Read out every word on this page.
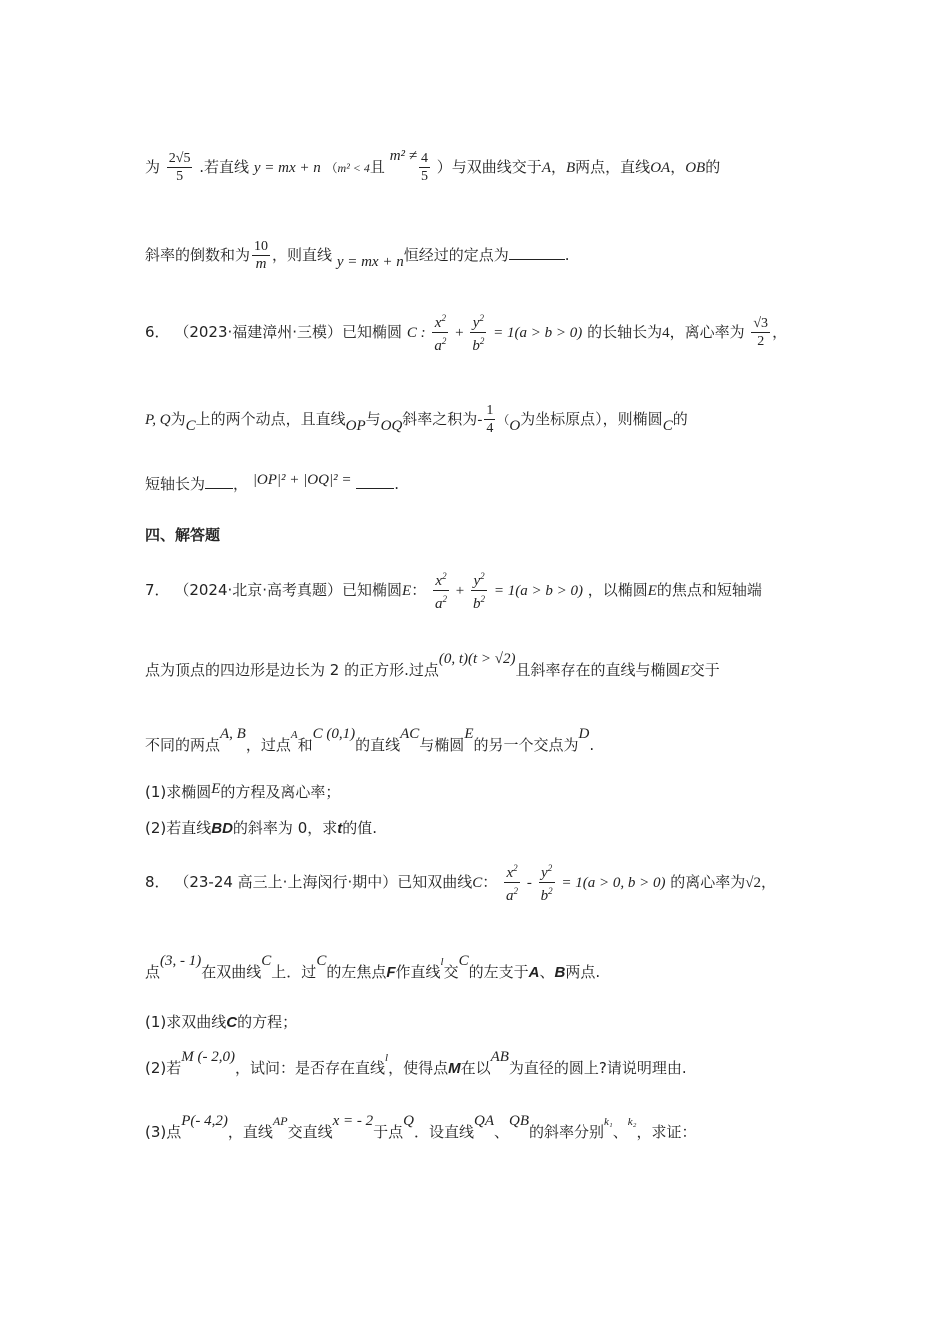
为 $\frac{2√5}{5}$ .若直线 y = mx + n （m² < 4且 $m^2 \ne \frac{4}{5}$ ）与双曲线交于A，B两点，直线OA，OB的
斜率的倒数和为 $\frac{10}{m}$ ，则直线 y = mx + n恒经过的定点为	.
6． （2023·福建漳州·三模）已知椭圆 C : $\frac{x^2}{a^2} + \frac{y^2}{b^2} = 1(a > b > 0)$ 的长轴长为4，离心率为 $\frac{√3}{2}$ ，
P, Q为C上的两个动点，且直线OP与OQ斜率之积为- $\frac{1}{4} (O$为坐标原点），则椭圆C的
短轴长为 ， |OP|² + |OQ|² =	.
四、解答题
7． （2024·北京·高考真题）已知椭圆E： $\frac{x^2}{a^2} + \frac{y^2}{b^2} = 1(a > b > 0)$ ，以椭圆E的焦点和短轴端
点为顶点的四边形是边长为 2 的正方形.过点(0, t)(t > √2)且斜率存在的直线与椭圆E交于
不同的两点A, B，过点$^A$和C (0,1)的直线AC与椭圆E的另一个交点为D.
(1)求椭圆E的方程及离心率；
(2)若直线BD的斜率为 0，求t的值.
8． （23-24 高三上·上海闵行·期中）已知双曲线C： $\frac{x^2}{a^2} - \frac{y^2}{b^2} = 1(a > 0$, b > 0) 的离心率为√2，
点(3, - 1)在双曲线C上．过C的左焦点F作直线$^l$交C的左支于A、B两点.
(1)求双曲线C的方程；
(2)若M (- 2,0)，试问：是否存在直线$^l$，使得点M在以AB为直径的圆上?请说明理由.
(3)点P(- 4,2)，直线$^{AP}$交直线x = - 2于点Q．设直线QA、QB的斜率分别$^{k_1}$、$^{k_2}$，求证：
